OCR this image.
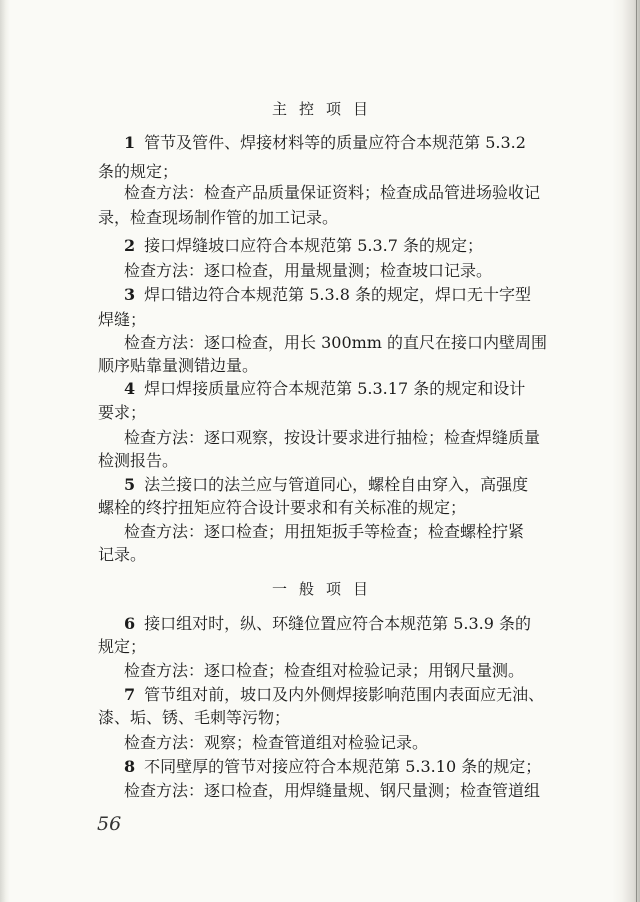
主控项目
1 管节及管件、焊接材料等的质量应符合本规范第 5.3.2
条的规定；
检查方法：检查产品质量保证资料；检查成品管进场验收记
录，检查现场制作管的加工记录。
2 接口焊缝坡口应符合本规范第 5.3.7 条的规定；
检查方法：逐口检查，用量规量测；检查坡口记录。
3 焊口错边符合本规范第 5.3.8 条的规定，焊口无十字型
焊缝；
检查方法：逐口检查，用长 300mm 的直尺在接口内壁周围
顺序贴靠量测错边量。
4 焊口焊接质量应符合本规范第 5.3.17 条的规定和设计
要求；
检查方法：逐口观察，按设计要求进行抽检；检查焊缝质量
检测报告。
5 法兰接口的法兰应与管道同心，螺栓自由穿入，高强度
螺栓的终拧扭矩应符合设计要求和有关标准的规定；
检查方法：逐口检查；用扭矩扳手等检查；检查螺栓拧紧
记录。
一般项目
6 接口组对时，纵、环缝位置应符合本规范第 5.3.9 条的
规定；
检查方法：逐口检查；检查组对检验记录；用钢尺量测。
7 管节组对前，坡口及内外侧焊接影响范围内表面应无油、
漆、垢、锈、毛刺等污物；
检查方法：观察；检查管道组对检验记录。
8 不同壁厚的管节对接应符合本规范第 5.3.10 条的规定；
检查方法：逐口检查，用焊缝量规、钢尺量测；检查管道组
56
